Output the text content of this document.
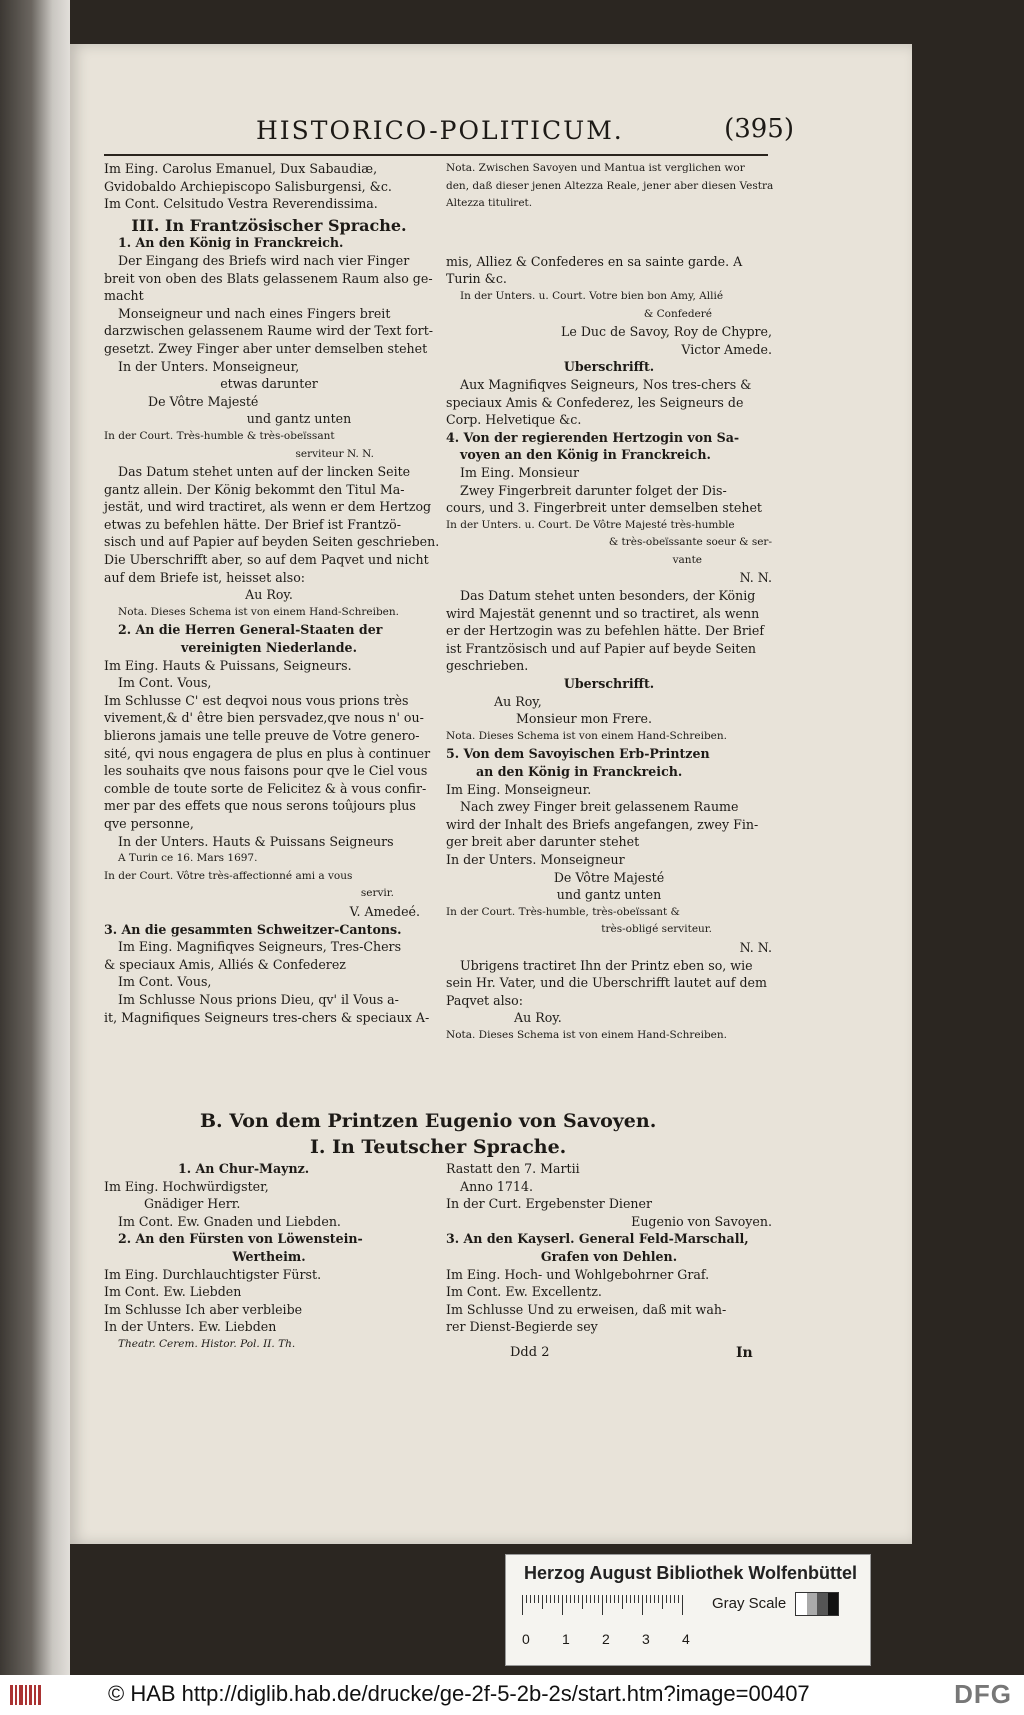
HISTORICO-POLITICUM.	(395)
Im Eing. Carolus Emanuel, Dux Sabaudiæ,
Gvidobaldo Archiepiscopo Salisburgensi, &c.
Im Cont. Celsitudo Vestra Reverendissima.
III. In Frantzösischer Sprache.
1. An den König in Franckreich.
Der Eingang des Briefs wird nach vier Finger
breit von oben des Blats gelassenem Raum also ge-
macht
Monseigneur und nach eines Fingers breit
darzwischen gelassenem Raume wird der Text fort-
gesetzt. Zwey Finger aber unter demselben stehet
In der Unters. Monseigneur,
etwas darunter
De Vôtre Majesté
und gantz unten
In der Court. Très-humble & très-obeïssant
serviteur N. N.
Das Datum stehet unten auf der lincken Seite
gantz allein. Der König bekommt den Titul Ma-
jestät, und wird tractiret, als wenn er dem Hertzog
etwas zu befehlen hätte. Der Brief ist Frantzö-
sisch und auf Papier auf beyden Seiten geschrieben.
Die Uberschrifft aber, so auf dem Paqvet und nicht
auf dem Briefe ist, heisset also:
Au Roy.
Nota. Dieses Schema ist von einem Hand-Schreiben.
2. An die Herren General-Staaten der
vereinigten Niederlande.
Im Eing. Hauts & Puissans, Seigneurs.
Im Cont. Vous,
Im Schlusse C' est deqvoi nous vous prions très
vivement,& d' être bien persvadez,qve nous n' ou-
blierons jamais une telle preuve de Votre genero-
sité, qvi nous engagera de plus en plus à continuer
les souhaits qve nous faisons pour qve le Ciel vous
comble de toute sorte de Felicitez & à vous confir-
mer par des effets que nous serons toûjours plus
qve personne,
In der Unters. Hauts & Puissans Seigneurs
A Turin ce 16. Mars 1697.
In der Court. Vôtre très-affectionné ami a vous
servir.
V. Amedeé.
3. An die gesammten Schweitzer-Cantons.
Im Eing. Magnifiqves Seigneurs, Tres-Chers
& speciaux Amis, Alliés & Confederez
Im Cont. Vous,
Im Schlusse Nous prions Dieu, qv' il Vous a-
it, Magnifiques Seigneurs tres-chers & speciaux A-
Nota. Zwischen Savoyen und Mantua ist verglichen wor
den, daß dieser jenen Altezza Reale, jener aber diesen Vestra
Altezza tituliret.
mis, Alliez & Confederes en sa sainte garde. A
Turin &c.
In der Unters. u. Court. Votre bien bon Amy, Allié
& Confederé
Le Duc de Savoy, Roy de Chypre,
Victor Amede.
Uberschrifft.
Aux Magnifiqves Seigneurs, Nos tres-chers &
speciaux Amis & Confederez, les Seigneurs de
Corp. Helvetique &c.
4. Von der regierenden Hertzogin von Sa-
voyen an den König in Franckreich.
Im Eing. Monsieur
Zwey Fingerbreit darunter folget der Dis-
cours, und 3. Fingerbreit unter demselben stehet
In der Unters. u. Court. De Vôtre Majesté très-humble
& très-obeïssante soeur & ser-
vante
N. N.
Das Datum stehet unten besonders, der König
wird Majestät genennt und so tractiret, als wenn
er der Hertzogin was zu befehlen hätte. Der Brief
ist Frantzösisch und auf Papier auf beyde Seiten
geschrieben.
Uberschrifft.
Au Roy,
Monsieur mon Frere.
Nota. Dieses Schema ist von einem Hand-Schreiben.
5. Von dem Savoyischen Erb-Printzen
an den König in Franckreich.
Im Eing. Monseigneur.
Nach zwey Finger breit gelassenem Raume
wird der Inhalt des Briefs angefangen, zwey Fin-
ger breit aber darunter stehet
In der Unters. Monseigneur
De Vôtre Majesté
und gantz unten
In der Court. Très-humble, très-obeïssant &
très-obligé serviteur.
N. N.
Ubrigens tractiret Ihn der Printz eben so, wie
sein Hr. Vater, und die Uberschrifft lautet auf dem
Paqvet also:
Au Roy.
Nota. Dieses Schema ist von einem Hand-Schreiben.
B. Von dem Printzen Eugenio von Savoyen.
I. In Teutscher Sprache.
1. An Chur-Maynz.
Im Eing. Hochwürdigster,
Gnädiger Herr.
Im Cont. Ew. Gnaden und Liebden.
2. An den Fürsten von Löwenstein-
Wertheim.
Im Eing. Durchlauchtigster Fürst.
Im Cont. Ew. Liebden
Im Schlusse Ich aber verbleibe
In der Unters. Ew. Liebden
Theatr. Cerem. Histor. Pol. II. Th.
Rastatt den 7. Martii
Anno 1714.
In der Curt. Ergebenster Diener
Eugenio von Savoyen.
3. An den Kayserl. General Feld-Marschall,
Grafen von Dehlen.
Im Eing. Hoch- und Wohlgebohrner Graf.
Im Cont. Ew. Excellentz.
Im Schlusse Und zu erweisen, daß mit wah-
rer Dienst-Begierde sey
Ddd 2	In
Herzog August Bibliothek Wolfenbüttel
0 1 2 3 4
Gray Scale
© HAB http://diglib.hab.de/drucke/ge-2f-5-2b-2s/start.htm?image=00407	DFG
